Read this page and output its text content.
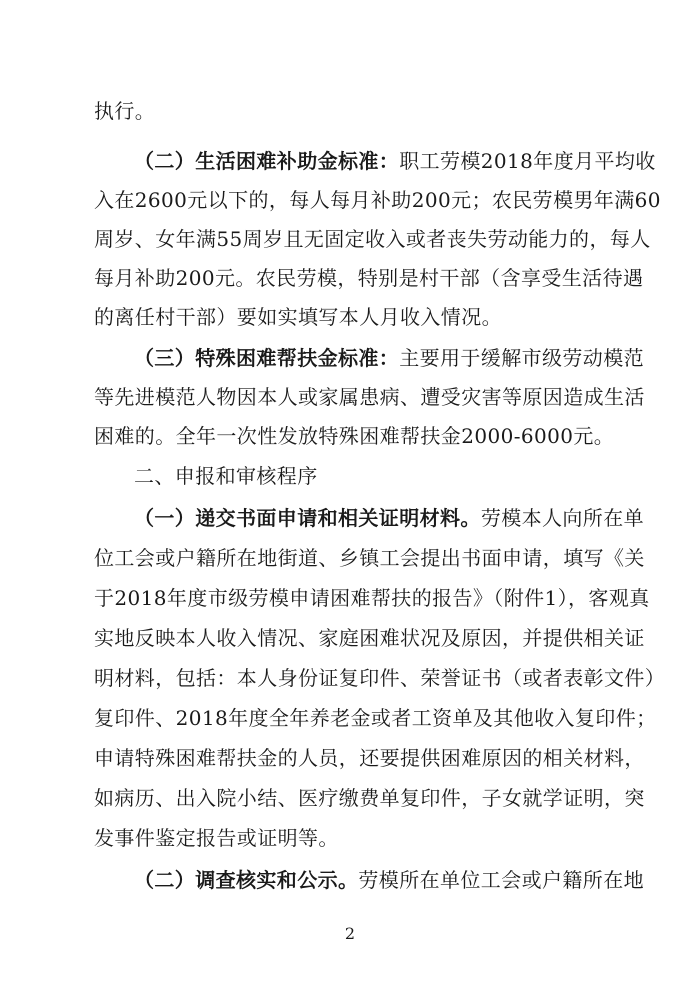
执行。
（二）生活困难补助金标准：职工劳模2018年度月平均收
入在2600元以下的，每人每月补助200元；农民劳模男年满60
周岁、女年满55周岁且无固定收入或者丧失劳动能力的，每人
每月补助200元。农民劳模，特别是村干部（含享受生活待遇
的离任村干部）要如实填写本人月收入情况。
（三）特殊困难帮扶金标准：主要用于缓解市级劳动模范
等先进模范人物因本人或家属患病、遭受灾害等原因造成生活
困难的。全年一次性发放特殊困难帮扶金2000-6000元。
二、申报和审核程序
（一）递交书面申请和相关证明材料。劳模本人向所在单
位工会或户籍所在地街道、乡镇工会提出书面申请，填写《关
于2018年度市级劳模申请困难帮扶的报告》（附件1），客观真
实地反映本人收入情况、家庭困难状况及原因，并提供相关证
明材料，包括：本人身份证复印件、荣誉证书（或者表彰文件）
复印件、2018年度全年养老金或者工资单及其他收入复印件；
申请特殊困难帮扶金的人员，还要提供困难原因的相关材料，
如病历、出入院小结、医疗缴费单复印件，子女就学证明，突
发事件鉴定报告或证明等。
（二）调查核实和公示。劳模所在单位工会或户籍所在地
2
